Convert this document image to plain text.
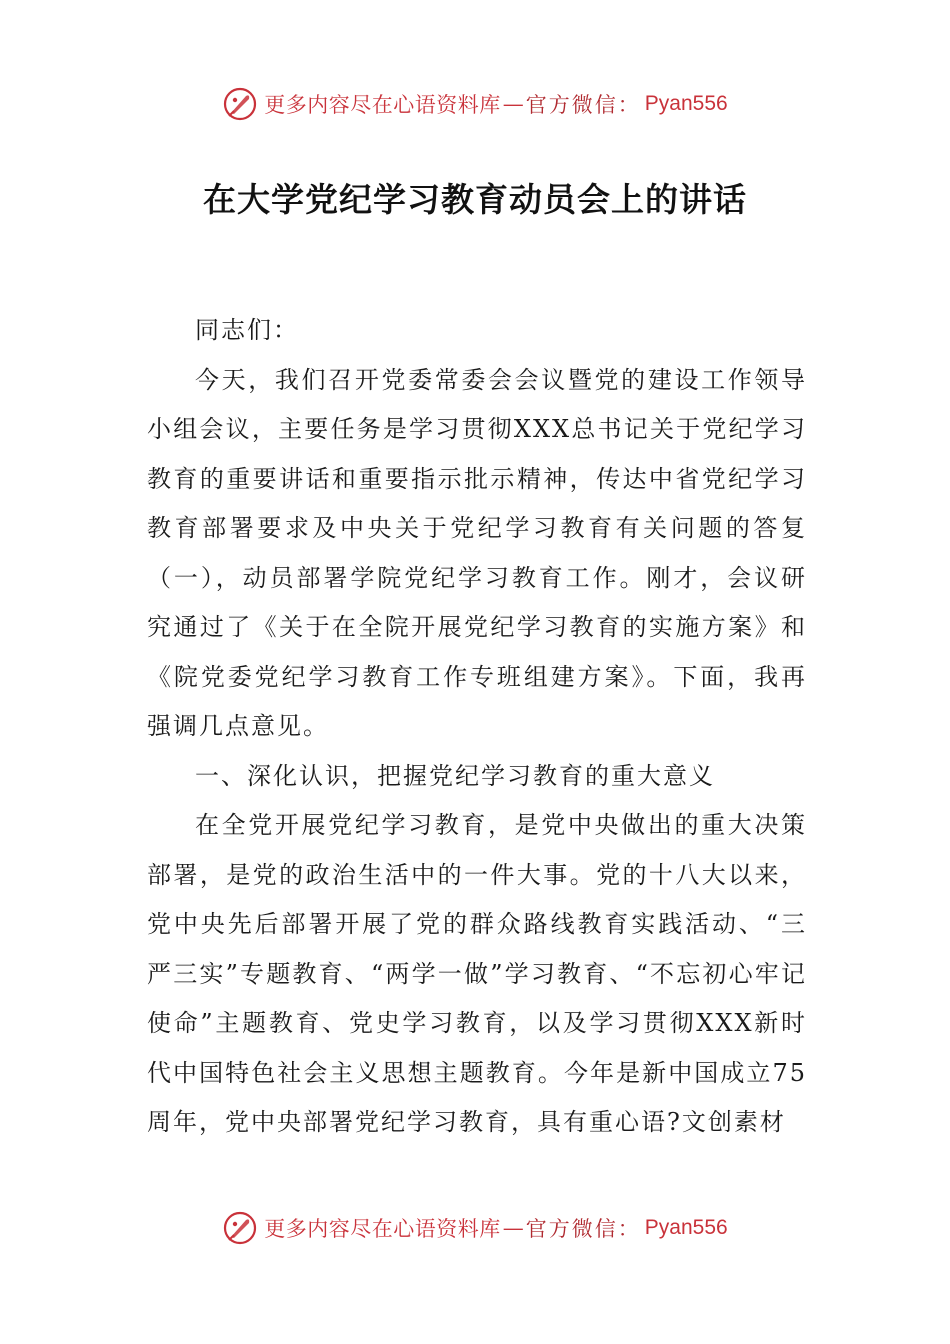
更多内容尽在心语资料库 — 官方微信： Pyan556
在大学党纪学习教育动员会上的讲话

同志们：

今天，我们召开党委常委会会议暨党的建设工作领导小组会议，主要任务是学习贯彻XXX总书记关于党纪学习教育的重要讲话和重要指示批示精神，传达中省党纪学习教育部署要求及中央关于党纪学习教育有关问题的答复（一），动员部署学院党纪学习教育工作。刚才，会议研究通过了《关于在全院开展党纪学习教育的实施方案》和《院党委党纪学习教育工作专班组建方案》。下面，我再强调几点意见。

一、深化认识，把握党纪学习教育的重大意义

在全党开展党纪学习教育，是党中央做出的重大决策部署，是党的政治生活中的一件大事。党的十八大以来，党中央先后部署开展了党的群众路线教育实践活动、“三严三实”专题教育、“两学一做”学习教育、“不忘初心牢记使命”主题教育、党史学习教育，以及学习贯彻XXX新时代中国特色社会主义思想主题教育。今年是新中国成立75周年，党中央部署党纪学习教育，具有重心语?文创素材

更多内容尽在心语资料库 — 官方微信： Pyan556
